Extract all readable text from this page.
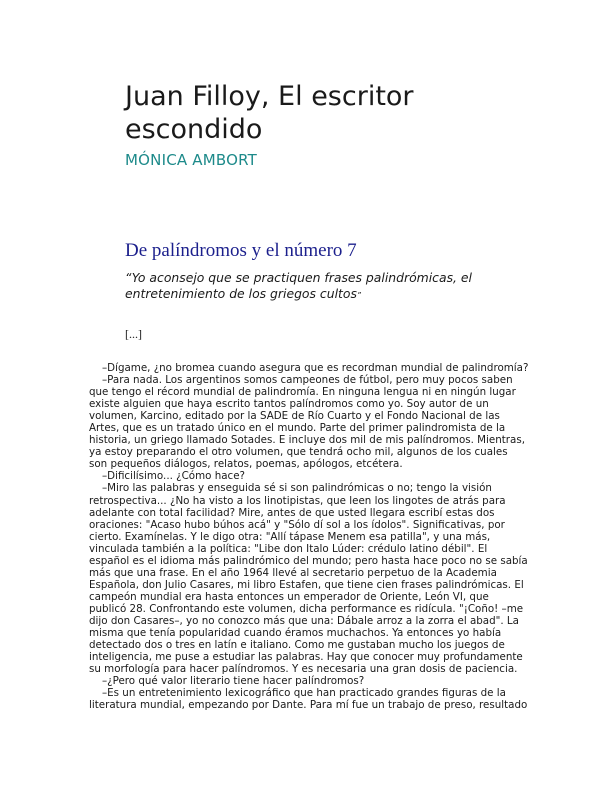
Juan Filloy, El escritor escondido
MÓNICA AMBORT
De palíndromos y el número 7
“Yo aconsejo que se practiquen frases palindrómicas, el entretenimiento de los griegos cultos”
[...]

–Dígame, ¿no bromea cuando asegura que es recordman mundial de palindromía?

–Para nada. Los argentinos somos campeones de fútbol, pero muy pocos saben que tengo el récord mundial de palindromía. En ninguna lengua ni en ningún lugar existe alguien que haya escrito tantos palíndromos como yo. Soy autor de un volumen, Karcino, editado por la SADE de Río Cuarto y el Fondo Nacional de las Artes, que es un tratado único en el mundo. Parte del primer palindromista de la historia, un griego llamado Sotades. E incluye dos mil de mis palíndromos. Mientras, ya estoy preparando el otro volumen, que tendrá ocho mil, algunos de los cuales son pequeños diálogos, relatos, poemas, apólogos, etcétera.

–Dificilísimo... ¿Cómo hace?

–Miro las palabras y enseguida sé si son palindrómicas o no; tengo la visión retrospectiva... ¿No ha visto a los linotipistas, que leen los lingotes de atrás para adelante con total facilidad? Mire, antes de que usted llegara escribí estas dos oraciones: "Acaso hubo búhos acá" y "Sólo dí sol a los ídolos". Significativas, por cierto. Examínelas. Y le digo otra: "Allí tápase Menem esa patilla", y una más, vinculada también a la política: "Libe don Italo Lúder: crédulo latino débil". El español es el idioma más palindrómico del mundo; pero hasta hace poco no se sabía más que una frase. En el año 1964 llevé al secretario perpetuo de la Academia Española, don Julio Casares, mi libro Estafen, que tiene cien frases palindrómicas. El campeón mundial era hasta entonces un emperador de Oriente, León VI, que publicó 28. Confrontando este volumen, dicha performance es ridícula. "¡Coño! –me dijo don Casares–, yo no conozco más que una: Dábale arroz a la zorra el abad". La misma que tenía popularidad cuando éramos muchachos. Ya entonces yo había detectado dos o tres en latín e italiano. Como me gustaban mucho los juegos de inteligencia, me puse a estudiar las palabras. Hay que conocer muy profundamente su morfología para hacer palíndromos. Y es necesaria una gran dosis de paciencia.

–¿Pero qué valor literario tiene hacer palíndromos?

–Es un entretenimiento lexicográfico que han practicado grandes figuras de la literatura mundial, empezando por Dante. Para mí fue un trabajo de preso, resultado
